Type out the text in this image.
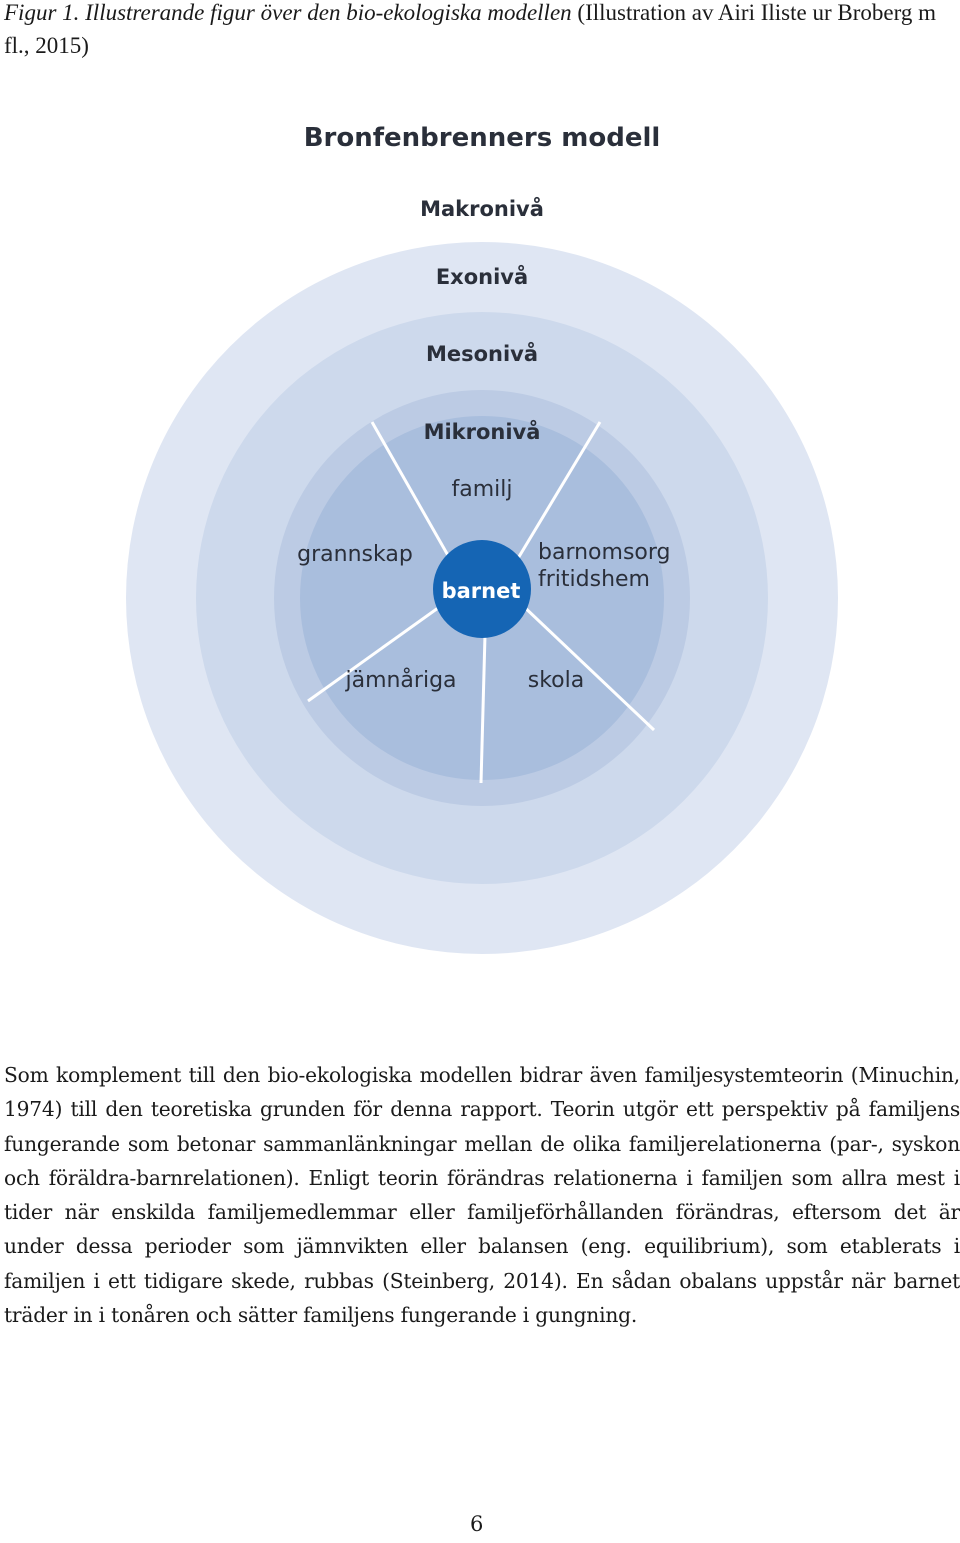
Figur 1. Illustrerande figur över den bio-ekologiska modellen (Illustration av Airi Iliste ur Broberg m fl., 2015)

Bronfenbrenners modell
Makronivå
Exonivå
Mesonivå
Mikronivå
familj
grannskap	barnomsorg
fritidshem
jämnåriga	skola
barnet

Som komplement till den bio-ekologiska modellen bidrar även familjesystemteorin (Minuchin, 1974) till den teoretiska grunden för denna rapport. Teorin utgör ett perspektiv på familjens fungerande som betonar sammanlänkningar mellan de olika familjerelationerna (par-, syskon och föräldra-barnrelationen). Enligt teorin förändras relationerna i familjen som allra mest i tider när enskilda familjemedlemmar eller familjeförhållanden förändras, eftersom det är under dessa perioder som jämnvikten eller balansen (eng. equilibrium), som etablerats i familjen i ett tidigare skede, rubbas (Steinberg, 2014). En sådan obalans uppstår när barnet träder in i tonåren och sätter familjens fungerande i gungning.

6
